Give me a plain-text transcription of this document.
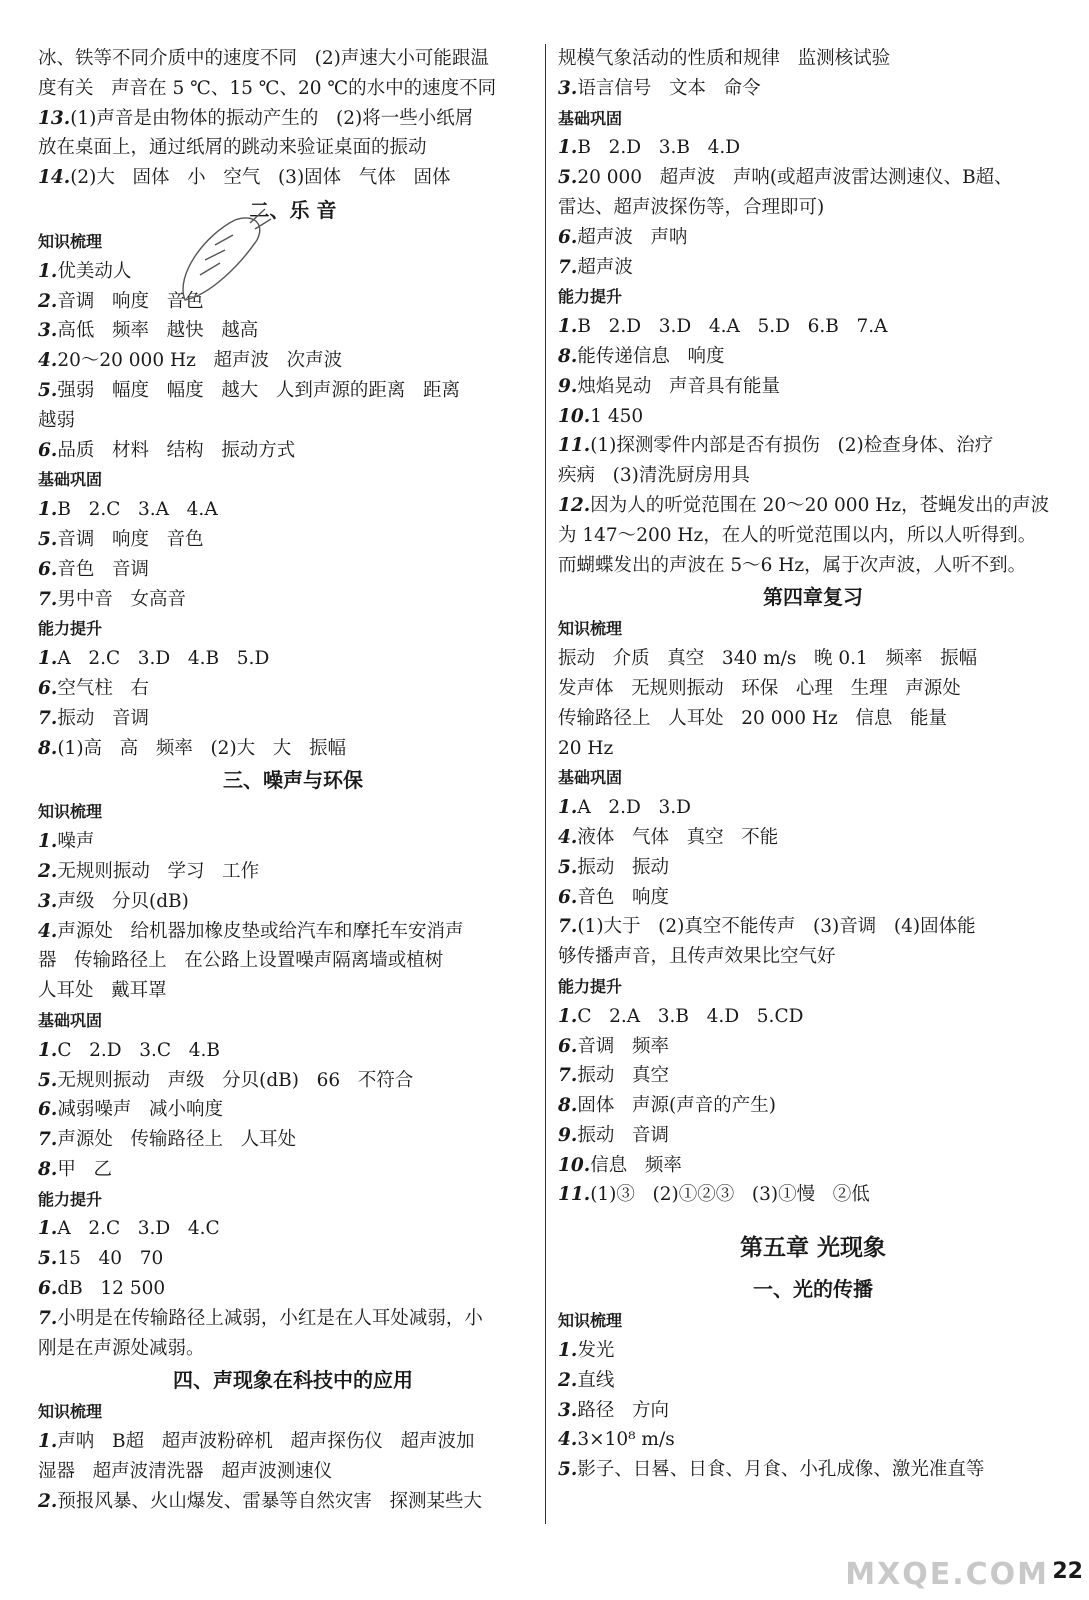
冰、铁等不同介质中的速度不同   (2)声速大小可能跟温
度有关   声音在 5 ℃、15 ℃、20 ℃的水中的速度不同
13.(1)声音是由物体的振动产生的   (2)将一些小纸屑
放在桌面上，通过纸屑的跳动来验证桌面的振动
14.(2)大   固体   小   空气   (3)固体   气体   固体
二、乐 音
知识梳理
1.优美动人
2.音调   响度   音色
3.高低   频率   越快   越高
4.20～20 000 Hz   超声波   次声波
5.强弱   幅度   幅度   越大   人到声源的距离   距离
越弱
6.品质   材料   结构   振动方式
基础巩固
1.B   2.C   3.A   4.A
5.音调   响度   音色
6.音色   音调
7.男中音   女高音
能力提升
1.A   2.C   3.D   4.B   5.D
6.空气柱   右
7.振动   音调
8.(1)高   高   频率   (2)大   大   振幅
三、噪声与环保
知识梳理
1.噪声
2.无规则振动   学习   工作
3.声级   分贝(dB)
4.声源处   给机器加橡皮垫或给汽车和摩托车安消声
器   传输路径上   在公路上设置噪声隔离墙或植树
人耳处   戴耳罩
基础巩固
1.C   2.D   3.C   4.B
5.无规则振动   声级   分贝(dB)   66   不符合
6.减弱噪声   减小响度
7.声源处   传输路径上   人耳处
8.甲   乙
能力提升
1.A   2.C   3.D   4.C
5.15   40   70
6.dB   12 500
7.小明是在传输路径上减弱，小红是在人耳处减弱，小
刚是在声源处减弱。
四、声现象在科技中的应用
知识梳理
1.声呐   B超   超声波粉碎机   超声探伤仪   超声波加
湿器   超声波清洗器   超声波测速仪
2.预报风暴、火山爆发、雷暴等自然灾害   探测某些大
规模气象活动的性质和规律   监测核试验
3.语言信号   文本   命令
基础巩固
1.B   2.D   3.B   4.D
5.20 000   超声波   声呐(或超声波雷达测速仪、B超、
雷达、超声波探伤等，合理即可)
6.超声波   声呐
7.超声波
能力提升
1.B   2.D   3.D   4.A   5.D   6.B   7.A
8.能传递信息   响度
9.烛焰晃动   声音具有能量
10.1 450
11.(1)探测零件内部是否有损伤   (2)检查身体、治疗
疾病   (3)清洗厨房用具
12.因为人的听觉范围在 20～20 000 Hz，苍蝇发出的声波
为 147～200 Hz，在人的听觉范围以内，所以人听得到。
而蝴蝶发出的声波在 5～6 Hz，属于次声波，人听不到。
第四章复习
知识梳理
振动   介质   真空   340 m/s   晚 0.1   频率   振幅
发声体   无规则振动   环保   心理   生理   声源处
传输路径上   人耳处   20 000 Hz   信息   能量
20 Hz
基础巩固
1.A   2.D   3.D
4.液体   气体   真空   不能
5.振动   振动
6.音色   响度
7.(1)大于   (2)真空不能传声   (3)音调   (4)固体能
够传播声音，且传声效果比空气好
能力提升
1.C   2.A   3.B   4.D   5.CD
6.音调   频率
7.振动   真空
8.固体   声源(声音的产生)
9.振动   音调
10.信息   频率
11.(1)③   (2)①②③   (3)①慢   ②低
第五章 光现象
一、光的传播
知识梳理
1.发光
2.直线
3.路径   方向
4.3×10⁸ m/s
5.影子、日晷、日食、月食、小孔成像、激光准直等
MXQE.COM 22
